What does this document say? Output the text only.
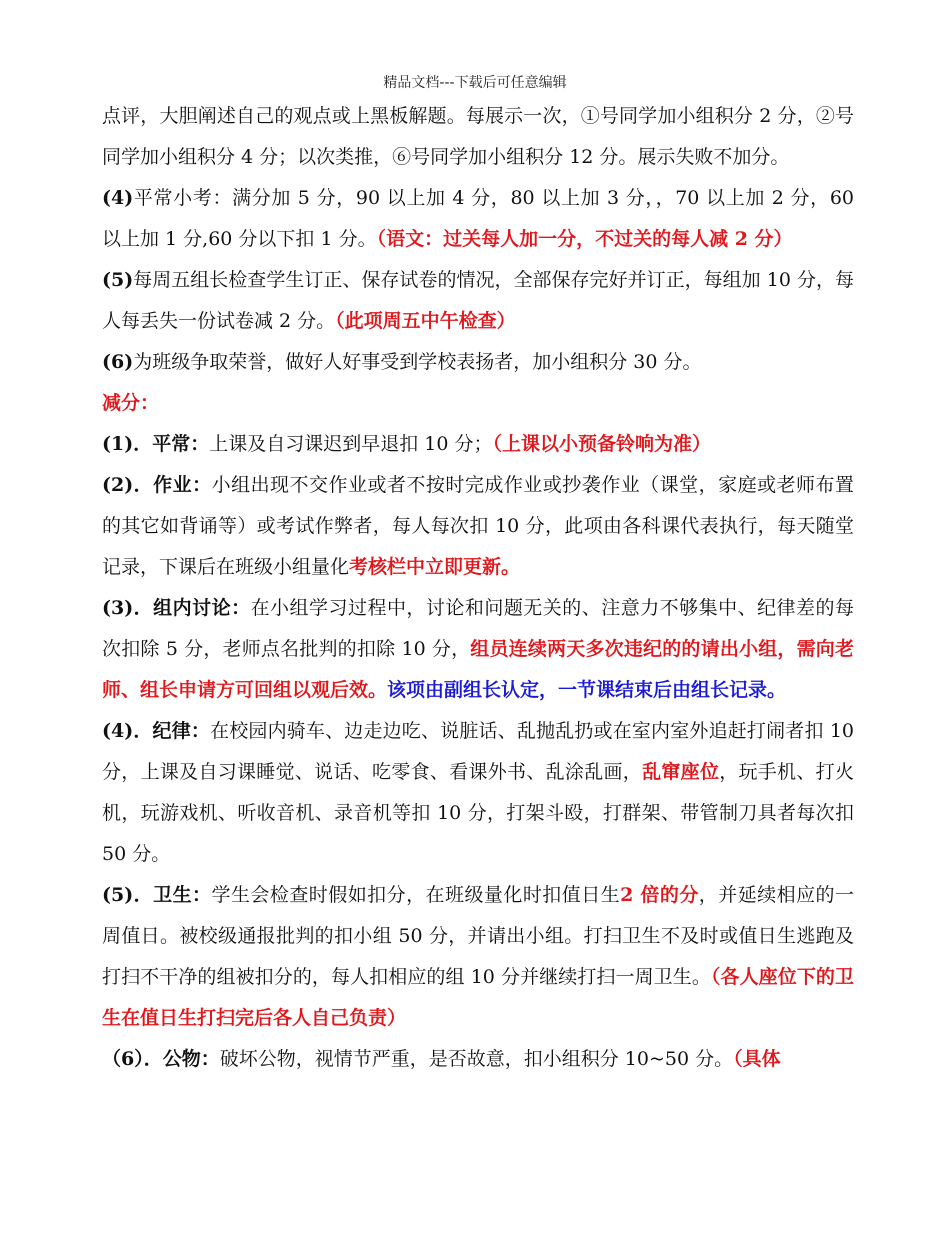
精品文档---下载后可任意编辑

点评，大胆阐述自己的观点或上黑板解题。每展示一次，①号同学加小组积分 2 分，②号同学加小组积分 4 分；以次类推，⑥号同学加小组积分 12 分。展示失败不加分。

(4)平常小考：满分加 5 分，90 以上加 4 分，80 以上加 3 分，，70 以上加 2 分，60 以上加 1 分,60 分以下扣 1 分。（语文：过关每人加一分，不过关的每人减 2 分）

(5)每周五组长检查学生订正、保存试卷的情况，全部保存完好并订正，每组加 10 分，每人每丢失一份试卷减 2 分。（此项周五中午检查）

(6)为班级争取荣誉，做好人好事受到学校表扬者，加小组积分 30 分。

减分：

(1)．平常：上课及自习课迟到早退扣 10 分；（上课以小预备铃响为准）

(2)．作业：小组出现不交作业或者不按时完成作业或抄袭作业（课堂，家庭或老师布置的其它如背诵等）或考试作弊者，每人每次扣 10 分，此项由各科课代表执行，每天随堂记录，下课后在班级小组量化考核栏中立即更新。

(3)．组内讨论：在小组学习过程中，讨论和问题无关的、注意力不够集中、纪律差的每次扣除 5 分，老师点名批判的扣除 10 分，组员连续两天多次违纪的的请出小组，需向老师、组长申请方可回组以观后效。该项由副组长认定，一节课结束后由组长记录。

(4)．纪律：在校园内骑车、边走边吃、说脏话、乱抛乱扔或在室内室外追赶打闹者扣 10 分，上课及自习课睡觉、说话、吃零食、看课外书、乱涂乱画，乱窜座位，玩手机、打火机，玩游戏机、听收音机、录音机等扣 10 分，打架斗殴，打群架、带管制刀具者每次扣 50 分。

(5)．卫生：学生会检查时假如扣分，在班级量化时扣值日生2 倍的分，并延续相应的一周值日。被校级通报批判的扣小组 50 分，并请出小组。打扫卫生不及时或值日生逃跑及打扫不干净的组被扣分的，每人扣相应的组 10 分并继续打扫一周卫生。（各人座位下的卫生在值日生打扫完后各人自己负责）

（6）．公物：破坏公物，视情节严重，是否故意，扣小组积分 10~50 分。（具体
